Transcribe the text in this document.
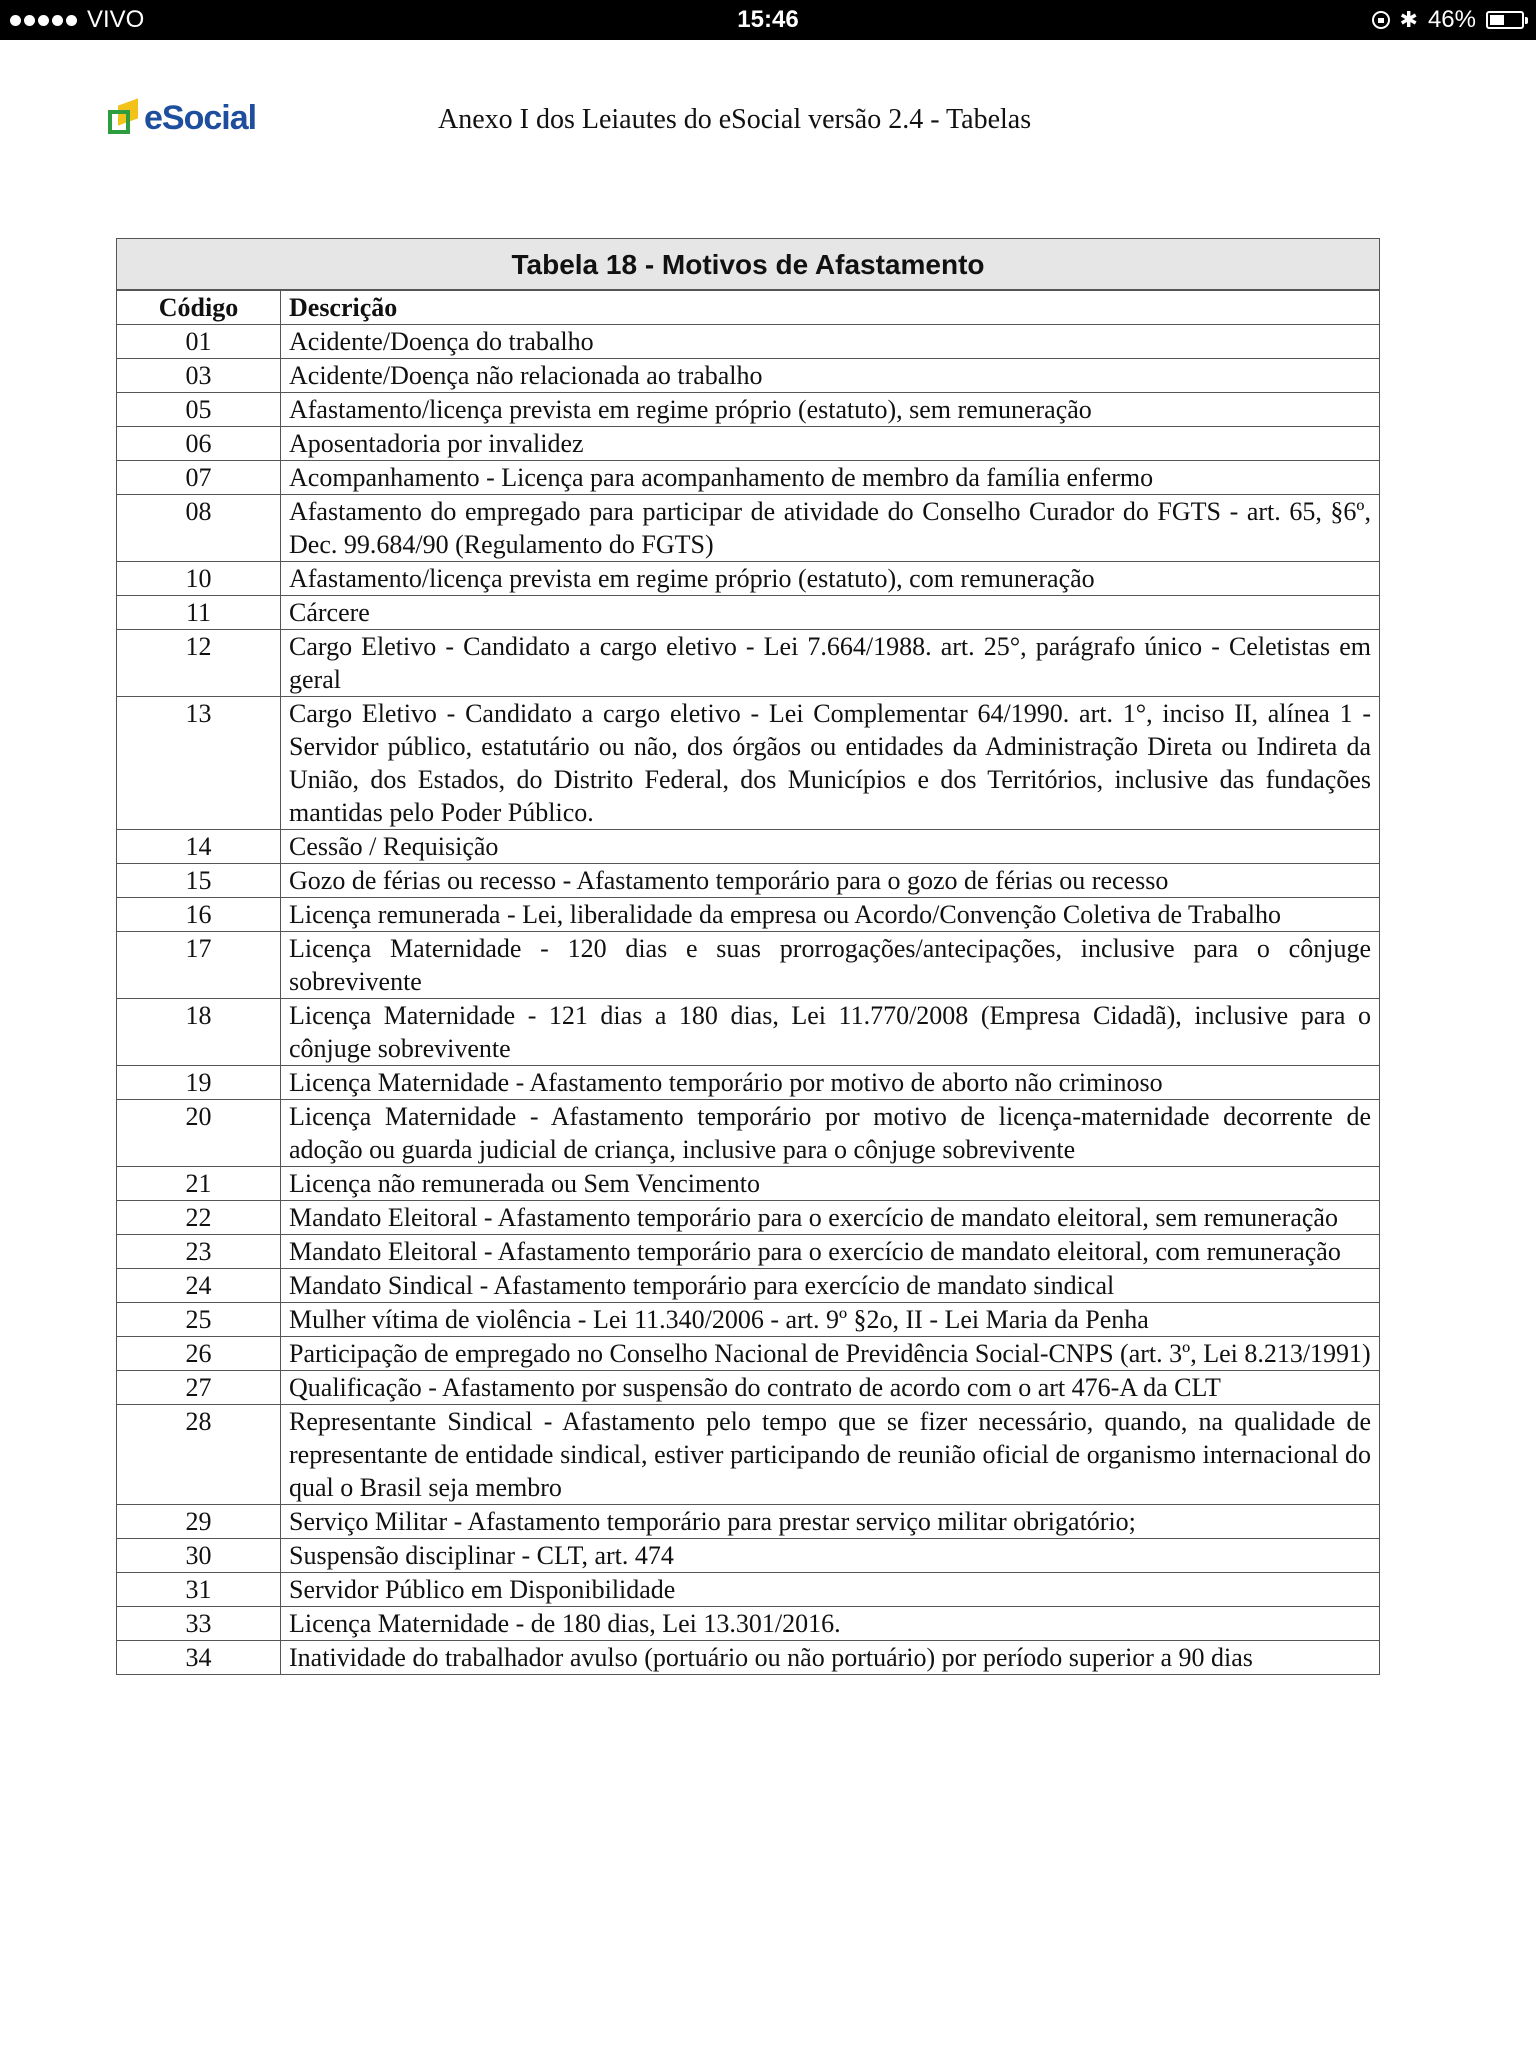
VIVO	15:46	✱ 46%
eSocial	Anexo I dos Leiautes do eSocial versão 2.4 - Tabelas
Tabela 18 - Motivos de Afastamento
Código	Descrição
01	Acidente/Doença do trabalho
03	Acidente/Doença não relacionada ao trabalho
05	Afastamento/licença prevista em regime próprio (estatuto), sem remuneração
06	Aposentadoria por invalidez
07	Acompanhamento - Licença para acompanhamento de membro da família enfermo
08	Afastamento do empregado para participar de atividade do Conselho Curador do FGTS - art. 65, §6º, Dec. 99.684/90 (Regulamento do FGTS)
10	Afastamento/licença prevista em regime próprio (estatuto), com remuneração
11	Cárcere
12	Cargo Eletivo - Candidato a cargo eletivo - Lei 7.664/1988. art. 25°, parágrafo único - Celetistas em geral
13	Cargo Eletivo - Candidato a cargo eletivo - Lei Complementar 64/1990. art. 1°, inciso II, alínea 1 - Servidor público, estatutário ou não, dos órgãos ou entidades da Administração Direta ou Indireta da União, dos Estados, do Distrito Federal, dos Municípios e dos Territórios, inclusive das fundações mantidas pelo Poder Público.
14	Cessão / Requisição
15	Gozo de férias ou recesso - Afastamento temporário para o gozo de férias ou recesso
16	Licença remunerada - Lei, liberalidade da empresa ou Acordo/Convenção Coletiva de Trabalho
17	Licença Maternidade - 120 dias e suas prorrogações/antecipações, inclusive para o cônjuge sobrevivente
18	Licença Maternidade - 121 dias a 180 dias, Lei 11.770/2008 (Empresa Cidadã), inclusive para o cônjuge sobrevivente
19	Licença Maternidade - Afastamento temporário por motivo de aborto não criminoso
20	Licença Maternidade - Afastamento temporário por motivo de licença-maternidade decorrente de adoção ou guarda judicial de criança, inclusive para o cônjuge sobrevivente
21	Licença não remunerada ou Sem Vencimento
22	Mandato Eleitoral - Afastamento temporário para o exercício de mandato eleitoral, sem remuneração
23	Mandato Eleitoral - Afastamento temporário para o exercício de mandato eleitoral, com remuneração
24	Mandato Sindical - Afastamento temporário para exercício de mandato sindical
25	Mulher vítima de violência - Lei 11.340/2006 - art. 9º §2o, II - Lei Maria da Penha
26	Participação de empregado no Conselho Nacional de Previdência Social-CNPS (art. 3º, Lei 8.213/1991)
27	Qualificação - Afastamento por suspensão do contrato de acordo com o art 476-A da CLT
28	Representante Sindical - Afastamento pelo tempo que se fizer necessário, quando, na qualidade de representante de entidade sindical, estiver participando de reunião oficial de organismo internacional do qual o Brasil seja membro
29	Serviço Militar - Afastamento temporário para prestar serviço militar obrigatório;
30	Suspensão disciplinar - CLT, art. 474
31	Servidor Público em Disponibilidade
33	Licença Maternidade - de 180 dias, Lei 13.301/2016.
34	Inatividade do trabalhador avulso (portuário ou não portuário) por período superior a 90 dias
